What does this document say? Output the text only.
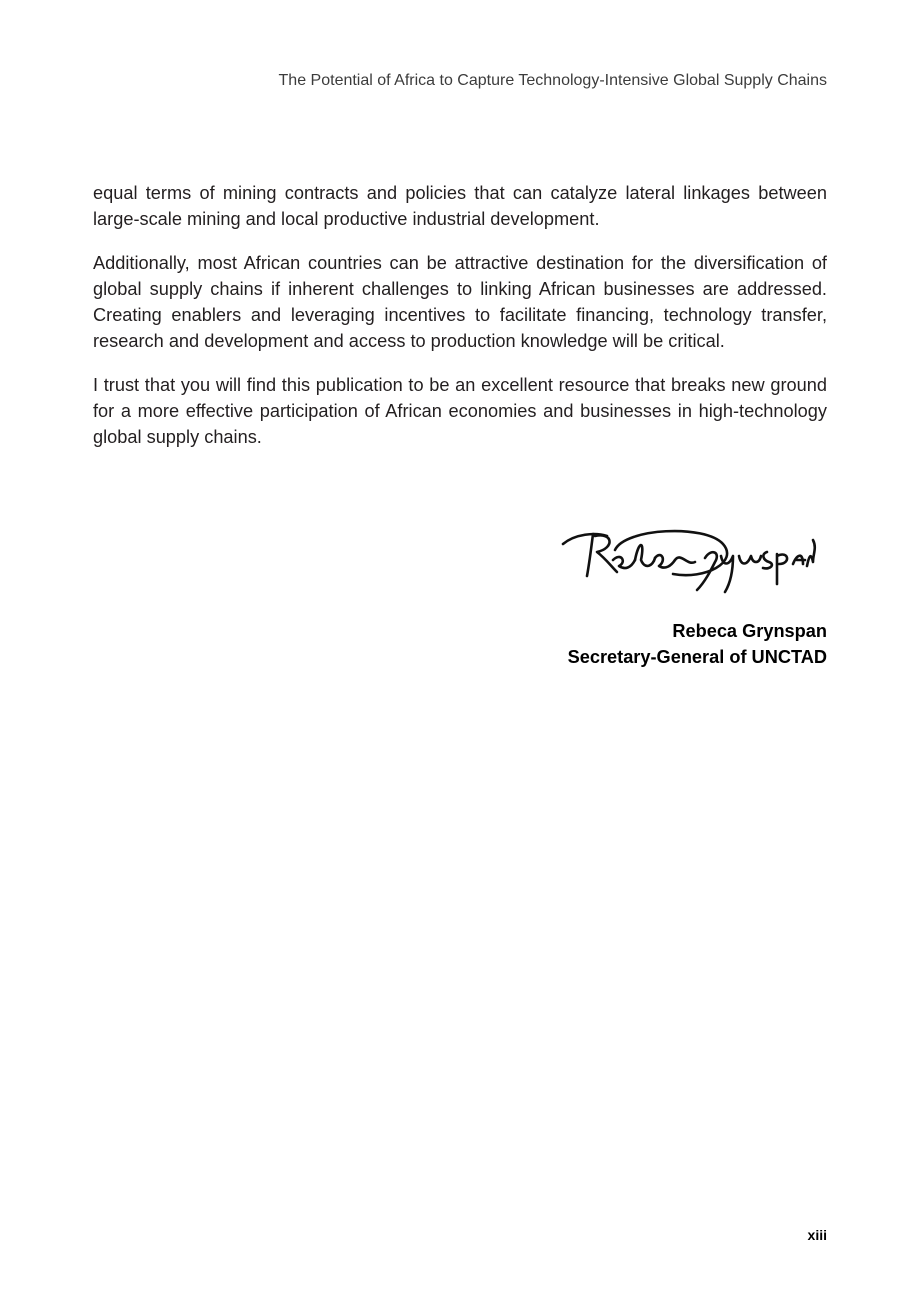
The Potential of Africa to Capture Technology-Intensive Global Supply Chains

equal terms of mining contracts and policies that can catalyze lateral linkages between large-scale mining and local productive industrial development.

Additionally, most African countries can be attractive destination for the diversification of global supply chains if inherent challenges to linking African businesses are addressed. Creating enablers and leveraging incentives to facilitate financing, technology transfer, research and development and access to production knowledge will be critical.

I trust that you will find this publication to be an excellent resource that breaks new ground for a more effective participation of African economies and businesses in high-technology global supply chains.

Rebeca Grynspan
Secretary-General of UNCTAD
xiii
